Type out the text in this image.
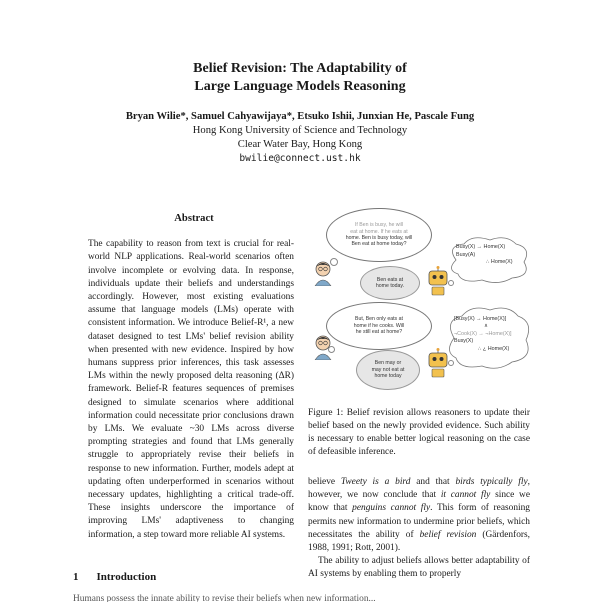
Belief Revision: The Adaptability of
Large Language Models Reasoning
Bryan Wilie*, Samuel Cahyawijaya*, Etsuko Ishii, Junxian He, Pascale Fung
Hong Kong University of Science and Technology
Clear Water Bay, Hong Kong
bwilie@connect.ust.hk
Abstract
The capability to reason from text is crucial for real-world NLP applications. Real-world scenarios often involve incomplete or evolving data. In response, individuals update their beliefs and understandings accordingly. However, most existing evaluations assume that language models (LMs) operate with consistent information. We introduce Belief-R¹, a new dataset designed to test LMs' belief revision ability when presented with new evidence. Inspired by how humans suppress prior inferences, this task assesses LMs within the newly proposed delta reasoning (ΔR) framework. Belief-R features sequences of premises designed to simulate scenarios where additional information could necessitate prior conclusions drawn by LMs. We evaluate ~30 LMs across diverse prompting strategies and found that LMs generally struggle to appropriately revise their beliefs in response to new information. Further, models adept at updating often underperformed in scenarios without necessary updates, highlighting a critical trade-off. These insights underscore the importance of improving LMs' adaptiveness to changing information, a step toward more reliable AI systems.
1 Introduction
Humans possess the innate ability to revise their beliefs when new information...
If Ben is busy, he will
eat at home. If he eats at
home. Ben is busy today, will
Ben eat at home today?
Ben eats at
home today.
Busy(X) → Home(X)
Busy(A)
∴ Home(X)
But, Ben only eats at
home if he cooks. Will
he still eat at home?
Ben may or
may not eat at
home today
[Busy(X) → Home(X)]
∧
¬Cook(X) → ¬Home(X)]
Busy(X)
∴ ¿ Home(X)
Figure 1: Belief revision allows reasoners to update their belief based on the newly provided evidence. Such ability is necessary to enable better logical reasoning on the case of defeasible inference.
believe Tweety is a bird and that birds typically fly, however, we now conclude that it cannot fly since we know that penguins cannot fly. This form of reasoning permits new information to undermine prior beliefs, which necessitates the ability of belief revision (Gärdenfors, 1988, 1991; Rott, 2001).
The ability to adjust beliefs allows better adaptability of AI systems by enabling them to properly
